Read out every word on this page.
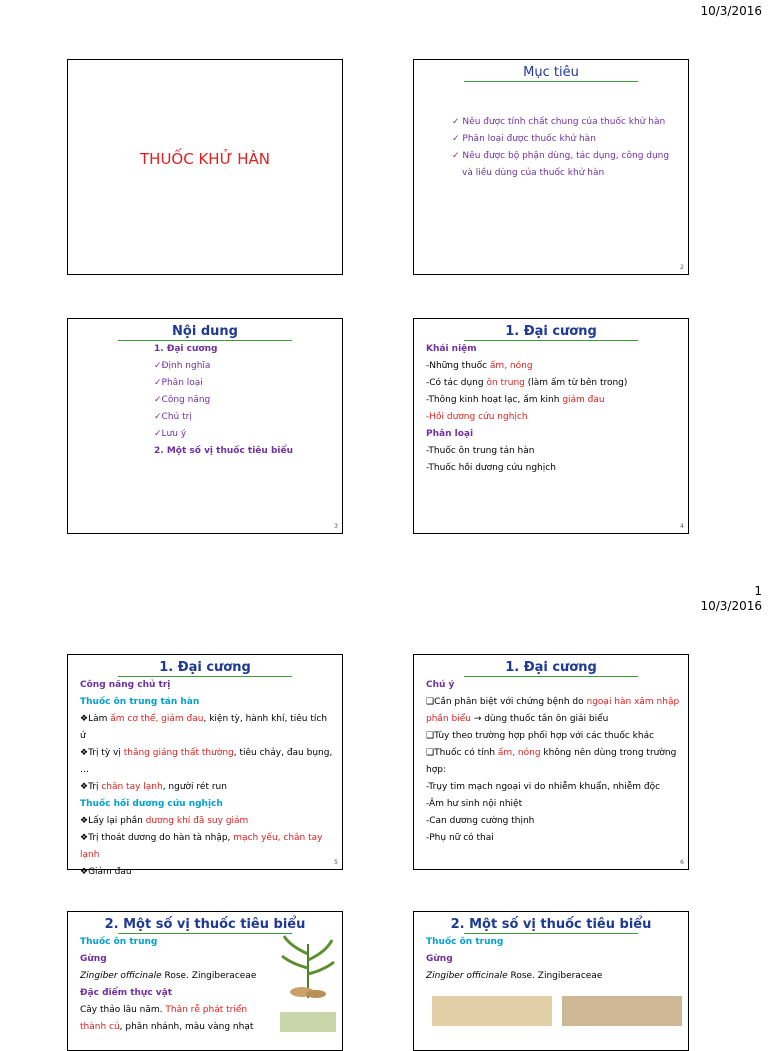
10/3/2016
THUỐC KHỬ HÀN
Mục tiêu
✓ Nêu được tính chất chung của thuốc khử hàn
✓ Phân loại được thuốc khử hàn
✓ Nêu được bộ phận dùng, tác dụng, công dụng
và liều dùng của thuốc khử hàn
2
Nội dung
1. Đại cương
✓Định nghĩa
✓Phân loại
✓Công năng
✓Chủ trị
✓Lưu ý
2. Một số vị thuốc tiêu biểu
3
1. Đại cương
Khái niệm
-Những thuốc ấm, nóng
-Có tác dụng ôn trung (làm ấm từ bên trong)
-Thông kinh hoạt lạc, ấm kinh giảm đau
-Hồi dương cứu nghịch
Phân loại
-Thuốc ôn trung tán hàn
-Thuốc hồi dương cứu nghịch
4
1
10/3/2016
1. Đại cương
Công năng chủ trị
Thuốc ôn trung tán hàn
❖Làm ấm cơ thể, giảm đau, kiện tỳ, hành khí, tiêu tích ứ
❖Trị tỳ vị thăng giáng thất thường, tiêu chảy, đau bụng, …
❖Trị chân tay lạnh, người rét run
Thuốc hồi dương cứu nghịch
❖Lấy lại phần dương khí đã suy giảm
❖Trị thoát dương do hàn tà nhập, mạch yếu, chân tay lạnh
❖Giảm đau
5
1. Đại cương
Chú ý
❑Cần phân biệt với chứng bệnh do ngoại hàn xâm nhập
phần biểu → dùng thuốc tân ôn giải biểu
❑Tùy theo trường hợp phối hợp với các thuốc khác
❑Thuốc có tính ấm, nóng không nên dùng trong trường hợp:
-Trụy tim mạch ngoại vi do nhiễm khuẩn, nhiễm độc
-Âm hư sinh nội nhiệt
-Can dương cường thịnh
-Phụ nữ có thai
6
2. Một số vị thuốc tiêu biểu
Thuốc ôn trung
Gừng
Zingiber officinale Rose. Zingiberaceae
Đặc điểm thực vật
Cây thảo lâu năm. Thân rễ phát triển
thành củ, phân nhánh, màu vàng nhạt
2. Một số vị thuốc tiêu biểu
Thuốc ôn trung
Gừng
Zingiber officinale Rose. Zingiberaceae
